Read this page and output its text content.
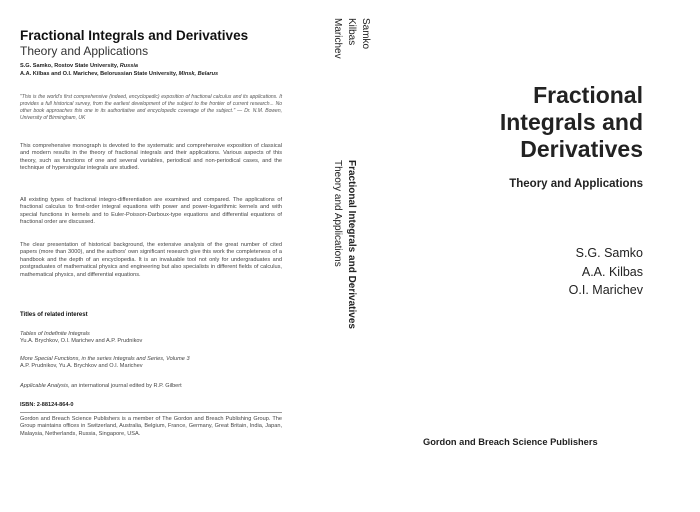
Fractional Integrals and Derivatives
Theory and Applications
S.G. Samko, Rostov State University, Russia
A.A. Kilbas and O.I. Marichev, Belorussian State University, Minsk, Belarus
"This is the world's first comprehensive (indeed, encyclopedic) exposition of fractional calculus and its applications. It provides a full historical survey, from the earliest development of the subject to the frontier of current research... No other book approaches this one in its authoritative and encyclopedic coverage of the subject." — Dr. N.M. Bowen, University of Birmingham, UK
This comprehensive monograph is devoted to the systematic and comprehensive exposition of classical and modern results in the theory of fractional integrals and their applications. Various aspects of this theory, such as functions of one and several variables, periodical and non-periodical cases, and the technique of hypersingular integrals are studied.
All existing types of fractional integro-differentiation are examined and compared. The applications of fractional calculus to first-order integral equations with power and power-logarithmic kernels and with special functions in kernels and to Euler-Poisson-Darboux-type equations and differential equations of fractional order are discussed.
The clear presentation of historical background, the extensive analysis of the great number of cited papers (more than 3000), and the authors' own significant research give this work the completeness of a handbook and the depth of an encyclopedia. It is an invaluable tool not only for undergraduates and postgraduates of mathematical physics and engineering but also specialists in different fields of calculus, mathematical physics, and differential equations.
Titles of related interest
Tables of Indefinite Integrals
Yu.A. Brychkov, O.I. Marichev and A.P. Prudnikov
More Special Functions, in the series Integrals and Series, Volume 3
A.P. Prudnikov, Yu.A. Brychkov and O.I. Marichev
Applicable Analysis, an international journal edited by R.P. Gilbert
ISBN: 2-88124-864-0
Gordon and Breach Science Publishers is a member of The Gordon and Breach Publishing Group. The Group maintains offices in Switzerland, Australia, Belgium, France, Germany, Great Britain, India, Japan, Malaysia, Netherlands, Russia, Singapore, USA.
Samko
Kilbas
Marichev
Fractional Integrals and Derivatives
Theory and Applications
Fractional
Integrals and
Derivatives
Theory and Applications
S.G. Samko
A.A. Kilbas
O.I. Marichev
Gordon and Breach Science Publishers
